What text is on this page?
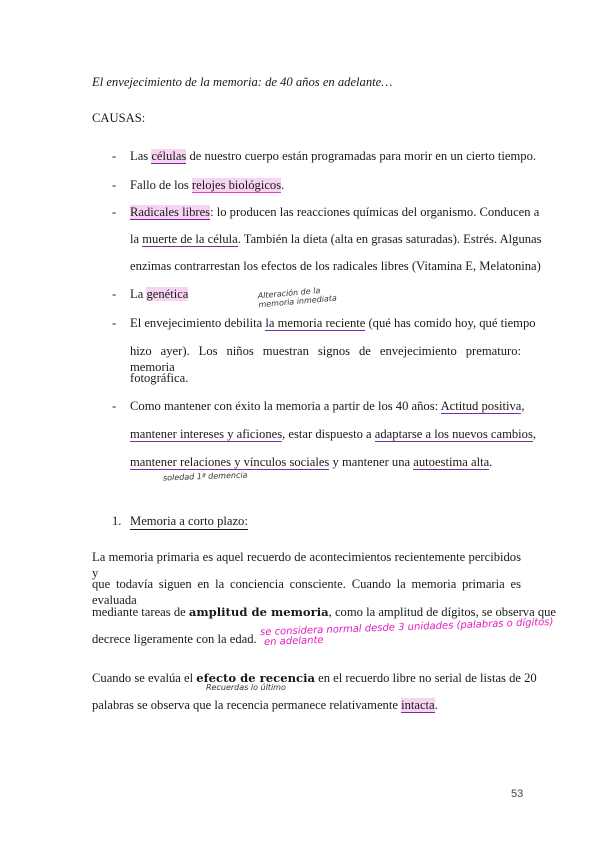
El envejecimiento de la memoria: de 40 años en adelante…
CAUSAS:
- Las células de nuestro cuerpo están programadas para morir en un cierto tiempo.
- Fallo de los relojes biológicos.
- Radicales libres: lo producen las reacciones químicas del organismo. Conducen a
la muerte de la célula. También la dieta (alta en grasas saturadas). Estrés. Algunas
enzimas contrarrestan los efectos de los radicales libres (Vitamina E, Melatonina)
- La genética	Alteración de la
memoria inmediata
- El envejecimiento debilita la memoria reciente (qué has comido hoy, qué tiempo
hizo ayer). Los niños muestran signos de envejecimiento prematuro: memoria
fotográfica.
- Como mantener con éxito la memoria a partir de los 40 años: Actitud positiva,
mantener intereses y aficiones, estar dispuesto a adaptarse a los nuevos cambios,
mantener relaciones y vínculos sociales y mantener una autoestima alta.
soledad 1ª demencia
1. Memoria a corto plazo:
La memoria primaria es aquel recuerdo de acontecimientos recientemente percibidos y
que todavía siguen en la conciencia consciente. Cuando la memoria primaria es evaluada
mediante tareas de amplitud de memoria, como la amplitud de dígitos, se observa que
decrece ligeramente con la edad.
se considera normal desde 3 unidades (palabras o dígitos)
en adelante
Cuando se evalúa el efecto de recencia en el recuerdo libre no serial de listas de 20
Recuerdas lo último
palabras se observa que la recencia permanece relativamente intacta.
53
